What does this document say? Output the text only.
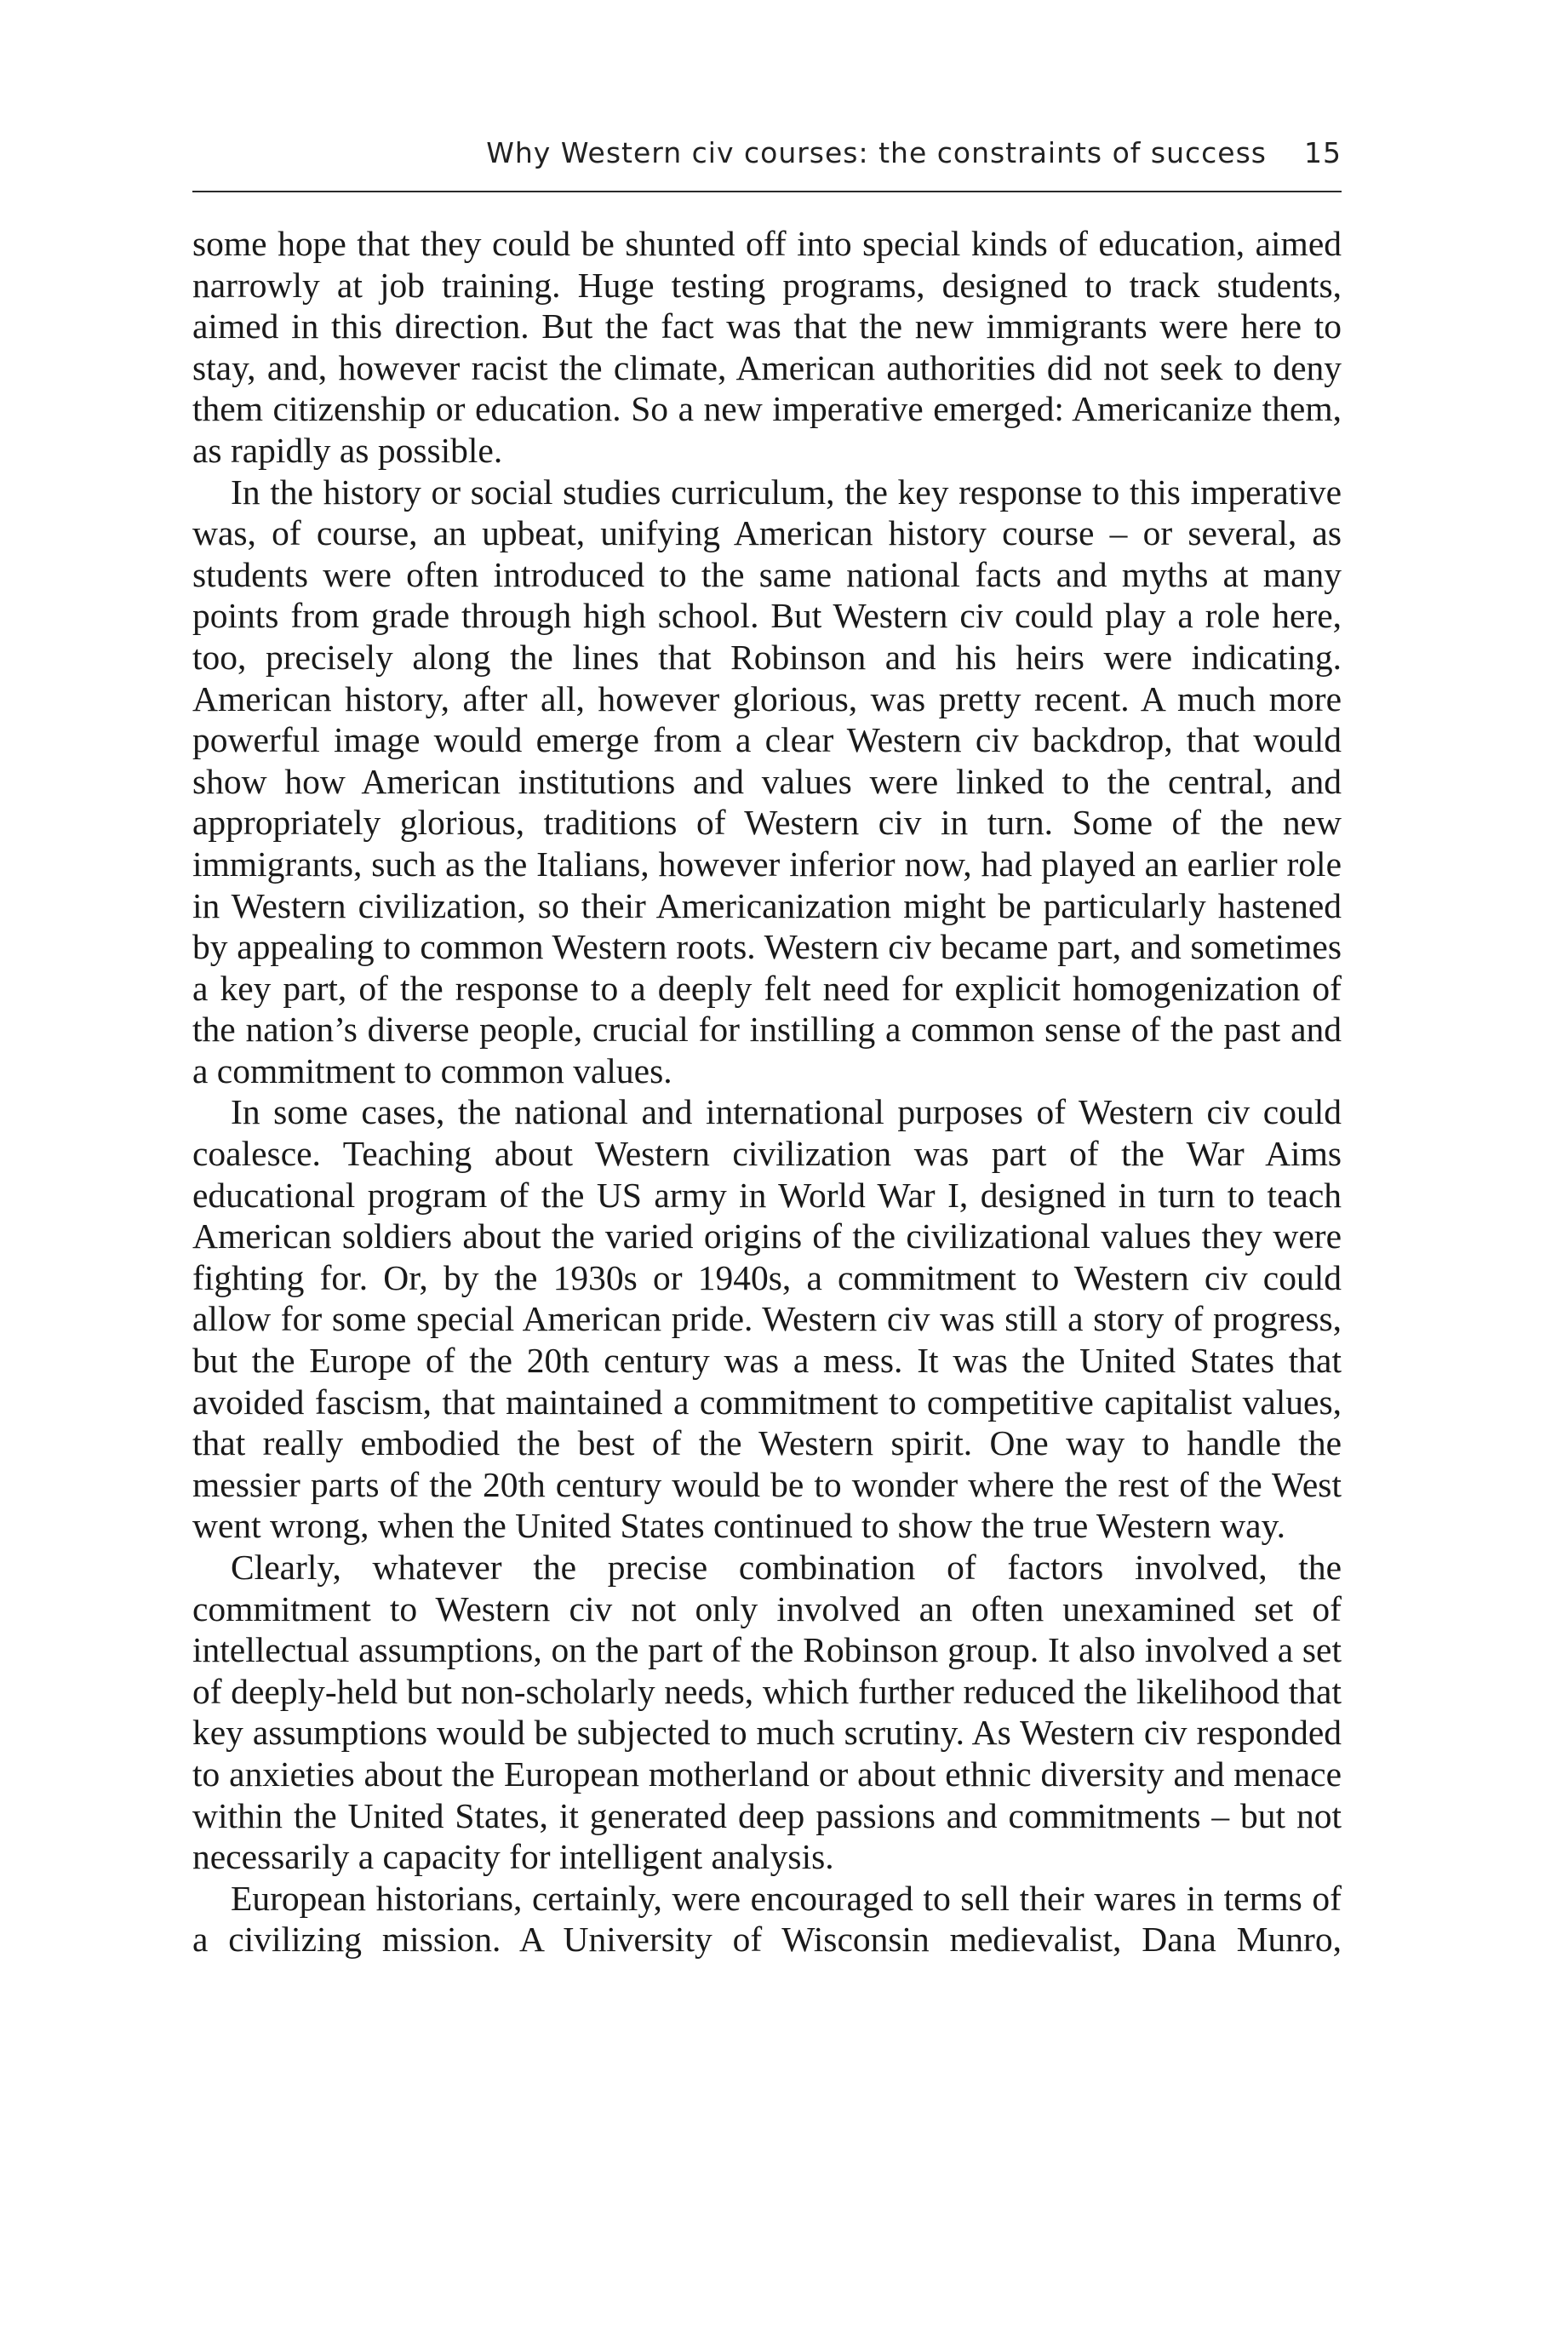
Why Western civ courses: the constraints of success 15

some hope that they could be shunted off into special kinds of education, aimed narrowly at job training. Huge testing programs, designed to track students, aimed in this direction. But the fact was that the new immigrants were here to stay, and, however racist the climate, American authorities did not seek to deny them citizenship or education. So a new imperative emerged: Americanize them, as rapidly as possible.

In the history or social studies curriculum, the key response to this imperative was, of course, an upbeat, unifying American history course – or several, as students were often introduced to the same national facts and myths at many points from grade through high school. But Western civ could play a role here, too, precisely along the lines that Robinson and his heirs were indicating. American history, after all, however glorious, was pretty recent. A much more powerful image would emerge from a clear Western civ backdrop, that would show how American institutions and values were linked to the central, and appropriately glorious, traditions of Western civ in turn. Some of the new immigrants, such as the Italians, however inferior now, had played an earlier role in Western civilization, so their Americanization might be particularly hastened by appealing to common Western roots. Western civ became part, and sometimes a key part, of the response to a deeply felt need for explicit homogenization of the nation’s diverse people, crucial for instilling a common sense of the past and a commitment to common values.

In some cases, the national and international purposes of Western civ could coalesce. Teaching about Western civilization was part of the War Aims educational program of the US army in World War I, designed in turn to teach American soldiers about the varied origins of the civilizational values they were fighting for. Or, by the 1930s or 1940s, a commitment to Western civ could allow for some special American pride. Western civ was still a story of progress, but the Europe of the 20th century was a mess. It was the United States that avoided fascism, that maintained a commitment to competitive capitalist values, that really embodied the best of the Western spirit. One way to handle the messier parts of the 20th century would be to wonder where the rest of the West went wrong, when the United States continued to show the true Western way.

Clearly, whatever the precise combination of factors involved, the commitment to Western civ not only involved an often unexamined set of intellectual assumptions, on the part of the Robinson group. It also involved a set of deeply-held but non-scholarly needs, which further reduced the likelihood that key assumptions would be subjected to much scrutiny. As Western civ responded to anxieties about the European motherland or about ethnic diversity and menace within the United States, it generated deep passions and commitments – but not necessarily a capacity for intelligent analysis.

European historians, certainly, were encouraged to sell their wares in terms of a civilizing mission. A University of Wisconsin medievalist, Dana Munro,
